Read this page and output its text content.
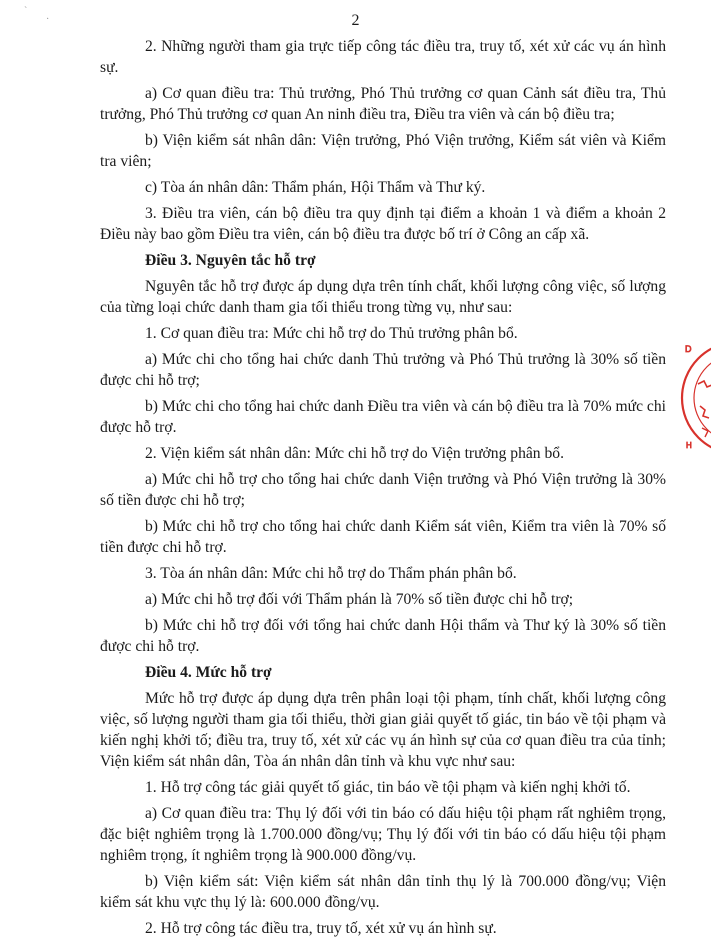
2
ˋ
·

2. Những người tham gia trực tiếp công tác điều tra, truy tố, xét xử các vụ án hình sự.

a) Cơ quan điều tra: Thủ trưởng, Phó Thủ trưởng cơ quan Cảnh sát điều tra, Thủ trưởng, Phó Thủ trưởng cơ quan An ninh điều tra, Điều tra viên và cán bộ điều tra;

b) Viện kiểm sát nhân dân: Viện trưởng, Phó Viện trưởng, Kiểm sát viên và Kiểm tra viên;

c) Tòa án nhân dân: Thẩm phán, Hội Thẩm và Thư ký.

3. Điều tra viên, cán bộ điều tra quy định tại điểm a khoản 1 và điểm a khoản 2 Điều này bao gồm Điều tra viên, cán bộ điều tra được bố trí ở Công an cấp xã.

Điều 3. Nguyên tắc hỗ trợ

Nguyên tắc hỗ trợ được áp dụng dựa trên tính chất, khối lượng công việc, số lượng của từng loại chức danh tham gia tối thiểu trong từng vụ, như sau:

1. Cơ quan điều tra: Mức chi hỗ trợ do Thủ trưởng phân bổ.

a) Mức chi cho tổng hai chức danh Thủ trưởng và Phó Thủ trưởng là 30% số tiền được chi hỗ trợ;

b) Mức chi cho tổng hai chức danh Điều tra viên và cán bộ điều tra là 70% mức chi được hỗ trợ.

2. Viện kiểm sát nhân dân: Mức chi hỗ trợ do Viện trưởng phân bổ.

a) Mức chi hỗ trợ cho tổng hai chức danh Viện trưởng và Phó Viện trưởng là 30% số tiền được chi hỗ trợ;

b) Mức chi hỗ trợ cho tổng hai chức danh Kiểm sát viên, Kiểm tra viên là 70% số tiền được chi hỗ trợ.

3. Tòa án nhân dân: Mức chi hỗ trợ do Thẩm phán phân bổ.

a) Mức chi hỗ trợ đối với Thẩm phán là 70% số tiền được chi hỗ trợ;

b) Mức chi hỗ trợ đối với tổng hai chức danh Hội thẩm và Thư ký là 30% số tiền được chi hỗ trợ.

Điều 4. Mức hỗ trợ

Mức hỗ trợ được áp dụng dựa trên phân loại tội phạm, tính chất, khối lượng công việc, số lượng người tham gia tối thiểu, thời gian giải quyết tố giác, tin báo về tội phạm và kiến nghị khởi tố; điều tra, truy tố, xét xử các vụ án hình sự của cơ quan điều tra của tỉnh; Viện kiểm sát nhân dân, Tòa án nhân dân tỉnh và khu vực như sau:

1. Hỗ trợ công tác giải quyết tố giác, tin báo về tội phạm và kiến nghị khởi tố.

a) Cơ quan điều tra: Thụ lý đối với tin báo có dấu hiệu tội phạm rất nghiêm trọng, đặc biệt nghiêm trọng là 1.700.000 đồng/vụ; Thụ lý đối với tin báo có dấu hiệu tội phạm nghiêm trọng, ít nghiêm trọng là 900.000 đồng/vụ.

b) Viện kiểm sát: Viện kiểm sát nhân dân tỉnh thụ lý là 700.000 đồng/vụ; Viện kiểm sát khu vực thụ lý là: 600.000 đồng/vụ.

2. Hỗ trợ công tác điều tra, truy tố, xét xử vụ án hình sự.

D
H
